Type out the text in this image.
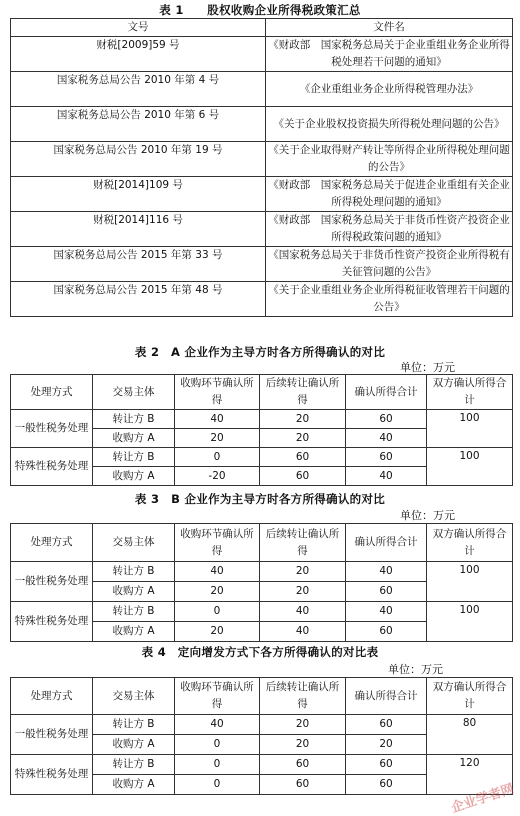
表 1　　股权收购企业所得税政策汇总
文号	文件名
财税[2009]59 号	《财政部　国家税务总局关于企业重组业务企业所得税处理若干问题的通知》
国家税务总局公告 2010 年第 4 号	《企业重组业务企业所得税管理办法》
国家税务总局公告 2010 年第 6 号	《关于企业股权投资损失所得税处理问题的公告》
国家税务总局公告 2010 年第 19 号	《关于企业取得财产转让等所得企业所得税处理问题的公告》
财税[2014]109 号	《财政部　国家税务总局关于促进企业重组有关企业所得税处理问题的通知》
财税[2014]116 号	《财政部　国家税务总局关于非货币性资产投资企业所得税政策问题的通知》
国家税务总局公告 2015 年第 33 号	《国家税务总局关于非货币性资产投资企业所得税有关征管问题的公告》
国家税务总局公告 2015 年第 48 号	《关于企业重组业务企业所得税征收管理若干问题的公告》
表 2　A 企业作为主导方时各方所得确认的对比
单位：万元
处理方式	交易主体	收购环节确认所得	后续转让确认所得	确认所得合计	双方确认所得合计
一般性税务处理	转让方 B	40	20	60	100
	收购方 A	20	20	40	
特殊性税务处理	转让方 B	0	60	60	100
	收购方 A	-20	60	40	
表 3　B 企业作为主导方时各方所得确认的对比
单位：万元
处理方式	交易主体	收购环节确认所得	后续转让确认所得	确认所得合计	双方确认所得合计
一般性税务处理	转让方 B	40	20	40	100
	收购方 A	20	20	60	
特殊性税务处理	转让方 B	0	40	40	100
	收购方 A	20	40	60	
表 4　定向增发方式下各方所得确认的对比表
单位：万元
处理方式	交易主体	收购环节确认所得	后续转让确认所得	确认所得合计	双方确认所得合计
一般性税务处理	转让方 B	40	20	60	80
	收购方 A	0	20	20	
特殊性税务处理	转让方 B	0	60	60	120
	收购方 A	0	60	60		企业学者网
